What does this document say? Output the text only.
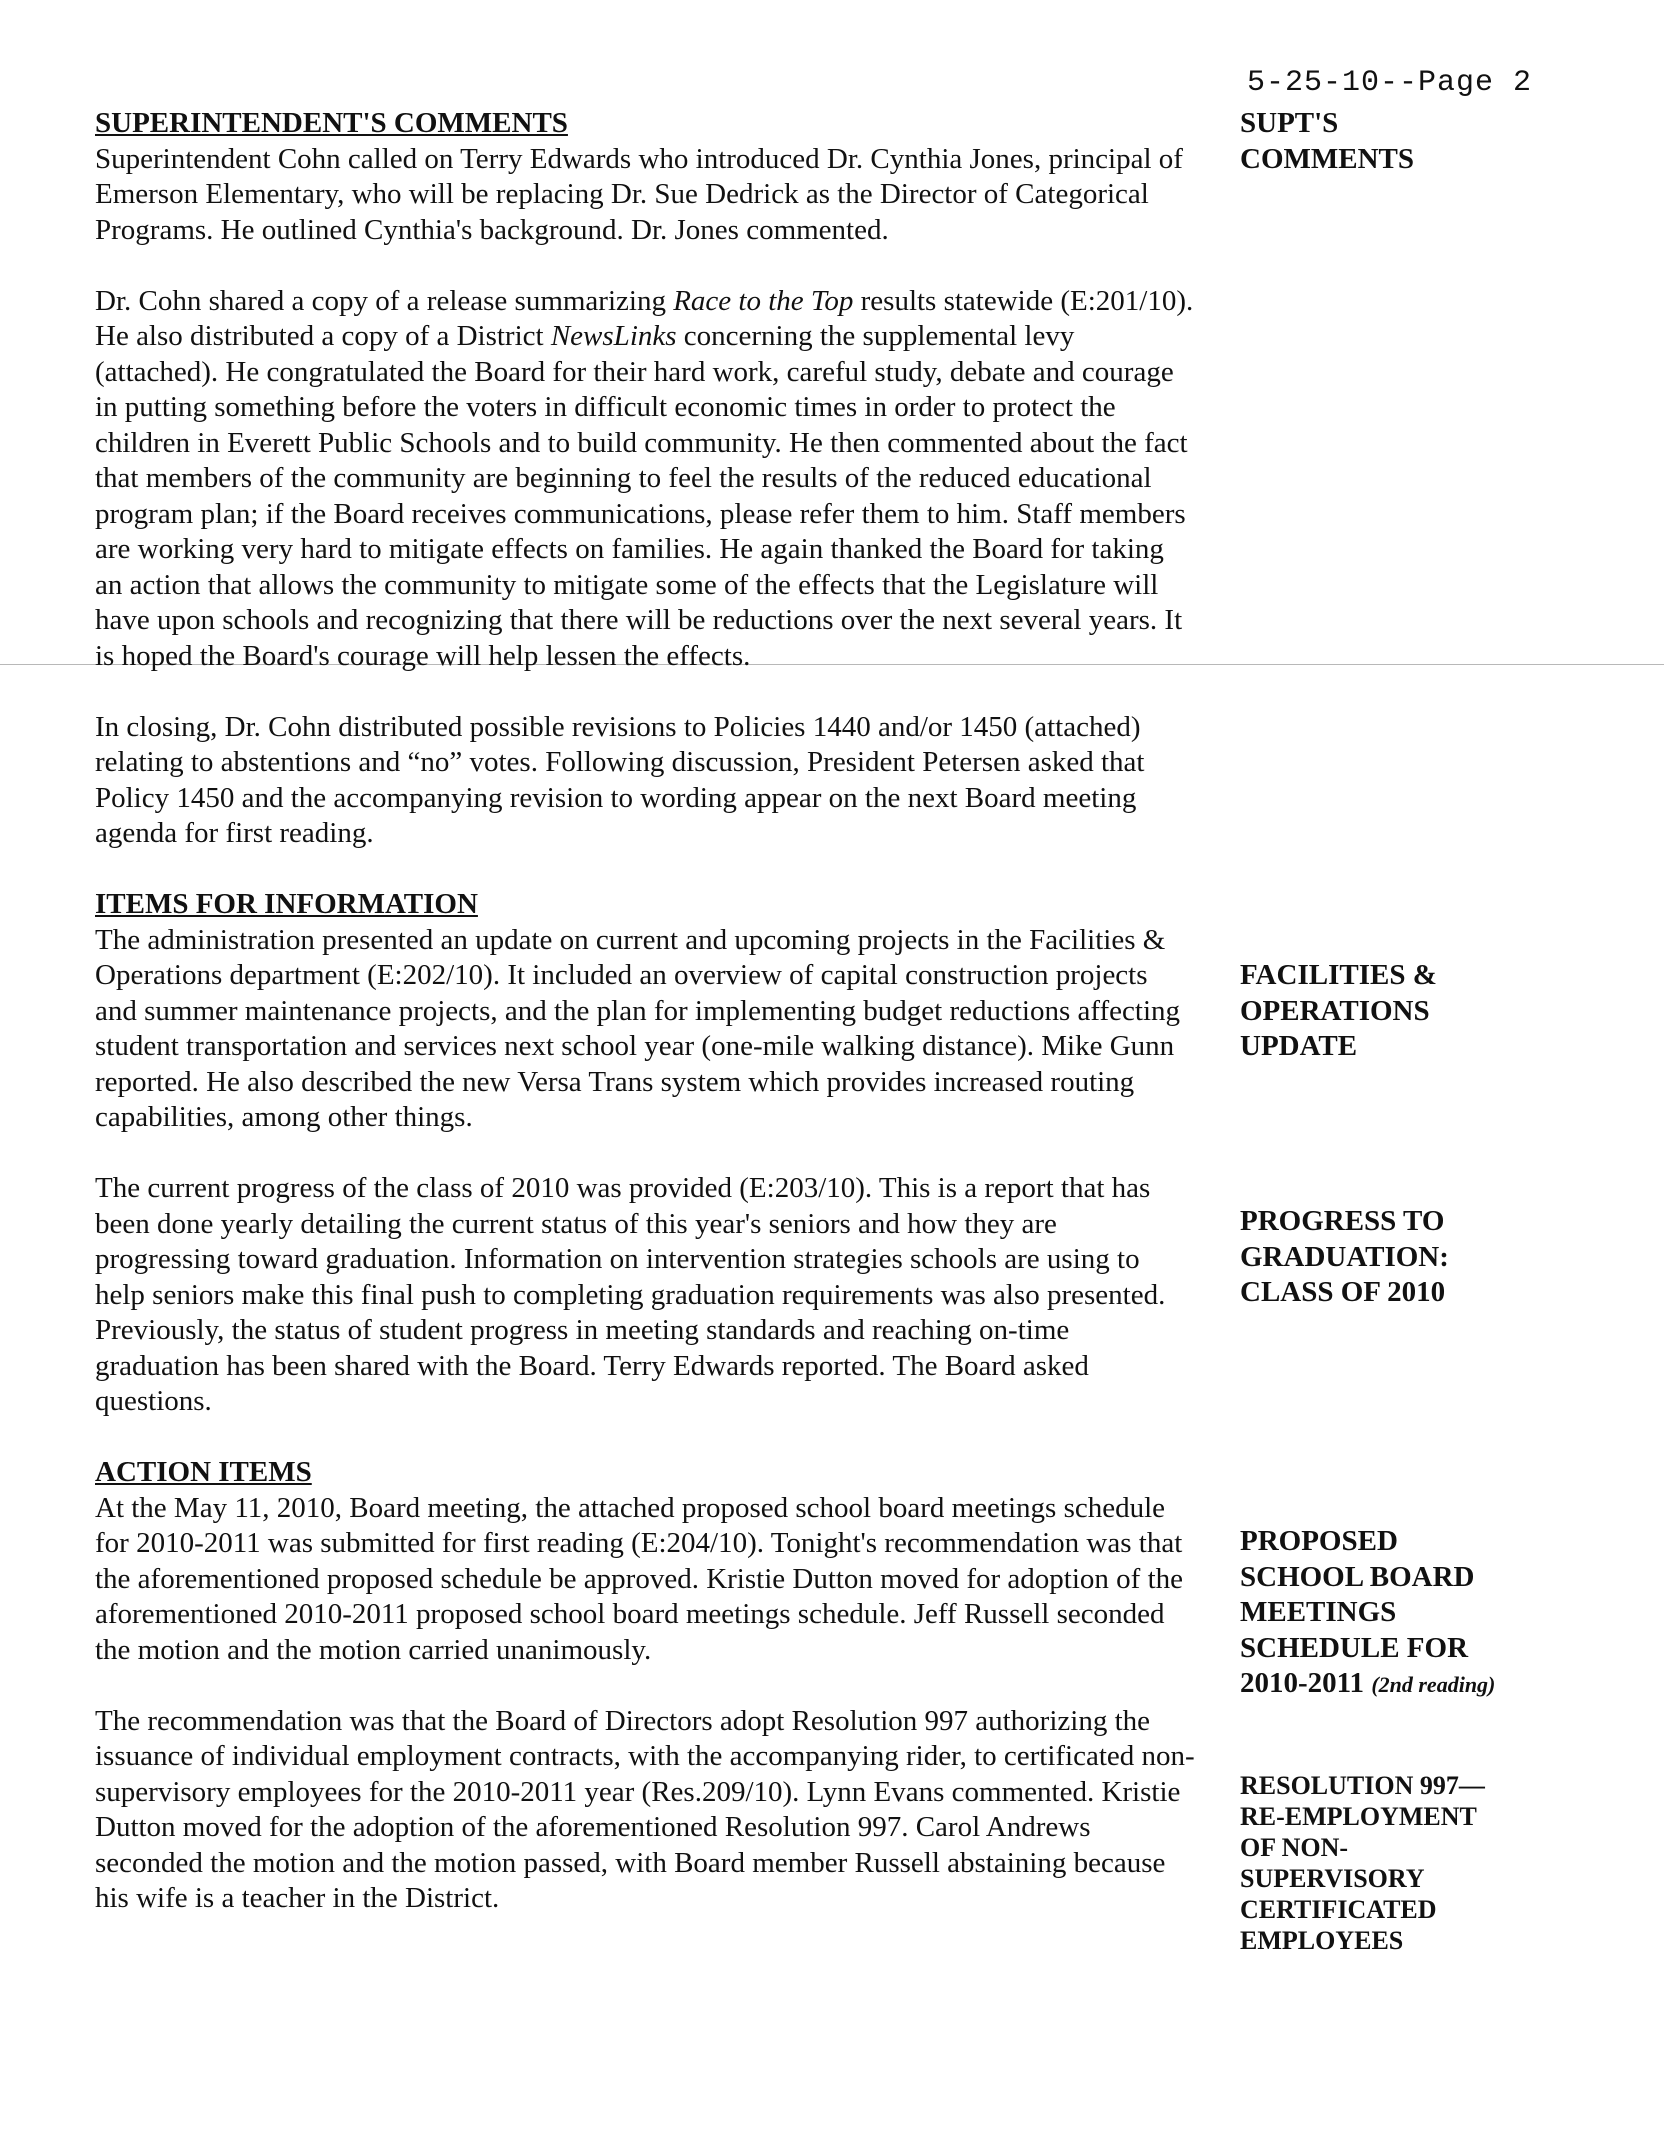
5-25-10--Page 2
SUPERINTENDENT'S COMMENTS

Superintendent Cohn called on Terry Edwards who introduced Dr. Cynthia Jones, principal of Emerson Elementary, who will be replacing Dr. Sue Dedrick as the Director of Categorical Programs. He outlined Cynthia's background. Dr. Jones commented.

Dr. Cohn shared a copy of a release summarizing Race to the Top results statewide (E:201/10). He also distributed a copy of a District NewsLinks concerning the supplemental levy (attached). He congratulated the Board for their hard work, careful study, debate and courage in putting something before the voters in difficult economic times in order to protect the children in Everett Public Schools and to build community. He then commented about the fact that members of the community are beginning to feel the results of the reduced educational program plan; if the Board receives communications, please refer them to him. Staff members are working very hard to mitigate effects on families. He again thanked the Board for taking an action that allows the community to mitigate some of the effects that the Legislature will have upon schools and recognizing that there will be reductions over the next several years. It is hoped the Board's courage will help lessen the effects.

In closing, Dr. Cohn distributed possible revisions to Policies 1440 and/or 1450 (attached) relating to abstentions and “no” votes. Following discussion, President Petersen asked that Policy 1450 and the accompanying revision to wording appear on the next Board meeting agenda for first reading.

ITEMS FOR INFORMATION

The administration presented an update on current and upcoming projects in the Facilities & Operations department (E:202/10). It included an overview of capital construction projects and summer maintenance projects, and the plan for implementing budget reductions affecting student transportation and services next school year (one-mile walking distance). Mike Gunn reported. He also described the new Versa Trans system which provides increased routing capabilities, among other things.

The current progress of the class of 2010 was provided (E:203/10). This is a report that has been done yearly detailing the current status of this year's seniors and how they are progressing toward graduation. Information on intervention strategies schools are using to help seniors make this final push to completing graduation requirements was also presented. Previously, the status of student progress in meeting standards and reaching on-time graduation has been shared with the Board. Terry Edwards reported. The Board asked questions.

ACTION ITEMS

At the May 11, 2010, Board meeting, the attached proposed school board meetings schedule for 2010-2011 was submitted for first reading (E:204/10). Tonight's recommendation was that the aforementioned proposed schedule be approved. Kristie Dutton moved for adoption of the aforementioned 2010-2011 proposed school board meetings schedule. Jeff Russell seconded the motion and the motion carried unanimously.

The recommendation was that the Board of Directors adopt Resolution 997 authorizing the issuance of individual employment contracts, with the accompanying rider, to certificated non-supervisory employees for the 2010-2011 year (Res.209/10). Lynn Evans commented. Kristie Dutton moved for the adoption of the aforementioned Resolution 997. Carol Andrews seconded the motion and the motion passed, with Board member Russell abstaining because his wife is a teacher in the District.

SUPT'S
COMMENTS
FACILITIES &
OPERATIONS
UPDATE
PROGRESS TO
GRADUATION:
CLASS OF 2010
PROPOSED
SCHOOL BOARD
MEETINGS
SCHEDULE FOR
2010-2011 (2nd reading)
RESOLUTION 997—
RE-EMPLOYMENT
OF NON-
SUPERVISORY
CERTIFICATED
EMPLOYEES
